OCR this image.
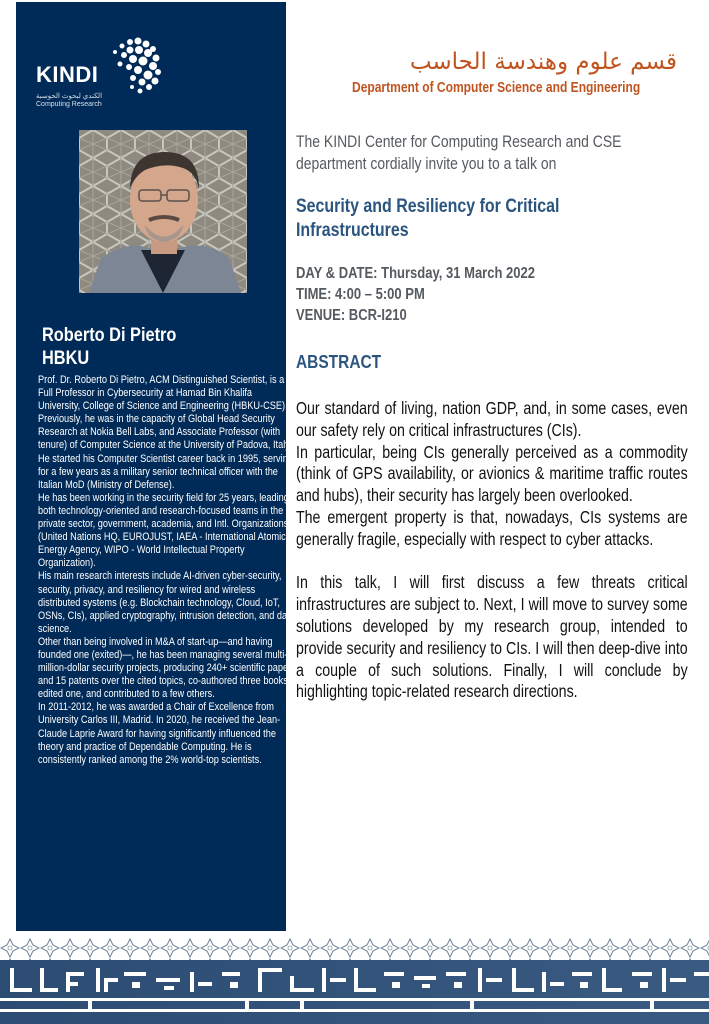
KINDI
الكندي لبحوث الحوسبة
Computing Research
Roberto Di Pietro
HBKU

Prof. Dr. Roberto Di Pietro, ACM Distinguished Scientist, is a Full Professor in Cybersecurity at Hamad Bin Khalifa University, College of Science and Engineering (HBKU-CSE). Previously, he was in the capacity of Global Head Security Research at Nokia Bell Labs, and Associate Professor (with tenure) of Computer Science at the University of Padova, Italy. He started his Computer Scientist career back in 1995, serving for a few years as a military senior technical officer with the Italian MoD (Ministry of Defense).

He has been working in the security field for 25 years, leading both technology-oriented and research-focused teams in the private sector, government, academia, and Intl. Organizations (United Nations HQ, EUROJUST, IAEA - International Atomic Energy Agency, WIPO - World Intellectual Property Organization).

His main research interests include AI-driven cyber-security, security, privacy, and resiliency for wired and wireless distributed systems (e.g. Blockchain technology, Cloud, IoT, OSNs, CIs), applied cryptography, intrusion detection, and data science.

Other than being involved in M&A of start-up—and having founded one (exited)—, he has been managing several multi-million-dollar security projects, producing 240+ scientific papers and 15 patents over the cited topics, co-authored three books, edited one, and contributed to a few others.

In 2011-2012, he was awarded a Chair of Excellence from University Carlos III, Madrid. In 2020, he received the Jean-Claude Laprie Award for having significantly influenced the theory and practice of Dependable Computing. He is consistently ranked among the 2% world-top scientists.

قسم علوم وهندسة الحاسب
Department of Computer Science and Engineering
The KINDI Center for Computing Research and CSE department cordially invite you to a talk on
Security and Resiliency for Critical Infrastructures
DAY & DATE: Thursday, 31 March 2022
TIME: 4:00 – 5:00 PM
VENUE: BCR-I210
ABSTRACT

Our standard of living, nation GDP, and, in some cases, even our safety rely on critical infrastructures (CIs).

In particular, being CIs generally perceived as a commodity (think of GPS availability, or avionics & maritime traffic routes and hubs), their security has largely been overlooked.

The emergent property is that, nowadays, CIs systems are generally fragile, especially with respect to cyber attacks.

In this talk, I will first discuss a few threats critical infrastructures are subject to. Next, I will move to survey some solutions developed by my research group, intended to provide security and resiliency to CIs. I will then deep-dive into a couple of such solutions. Finally, I will conclude by highlighting topic-related research directions.
